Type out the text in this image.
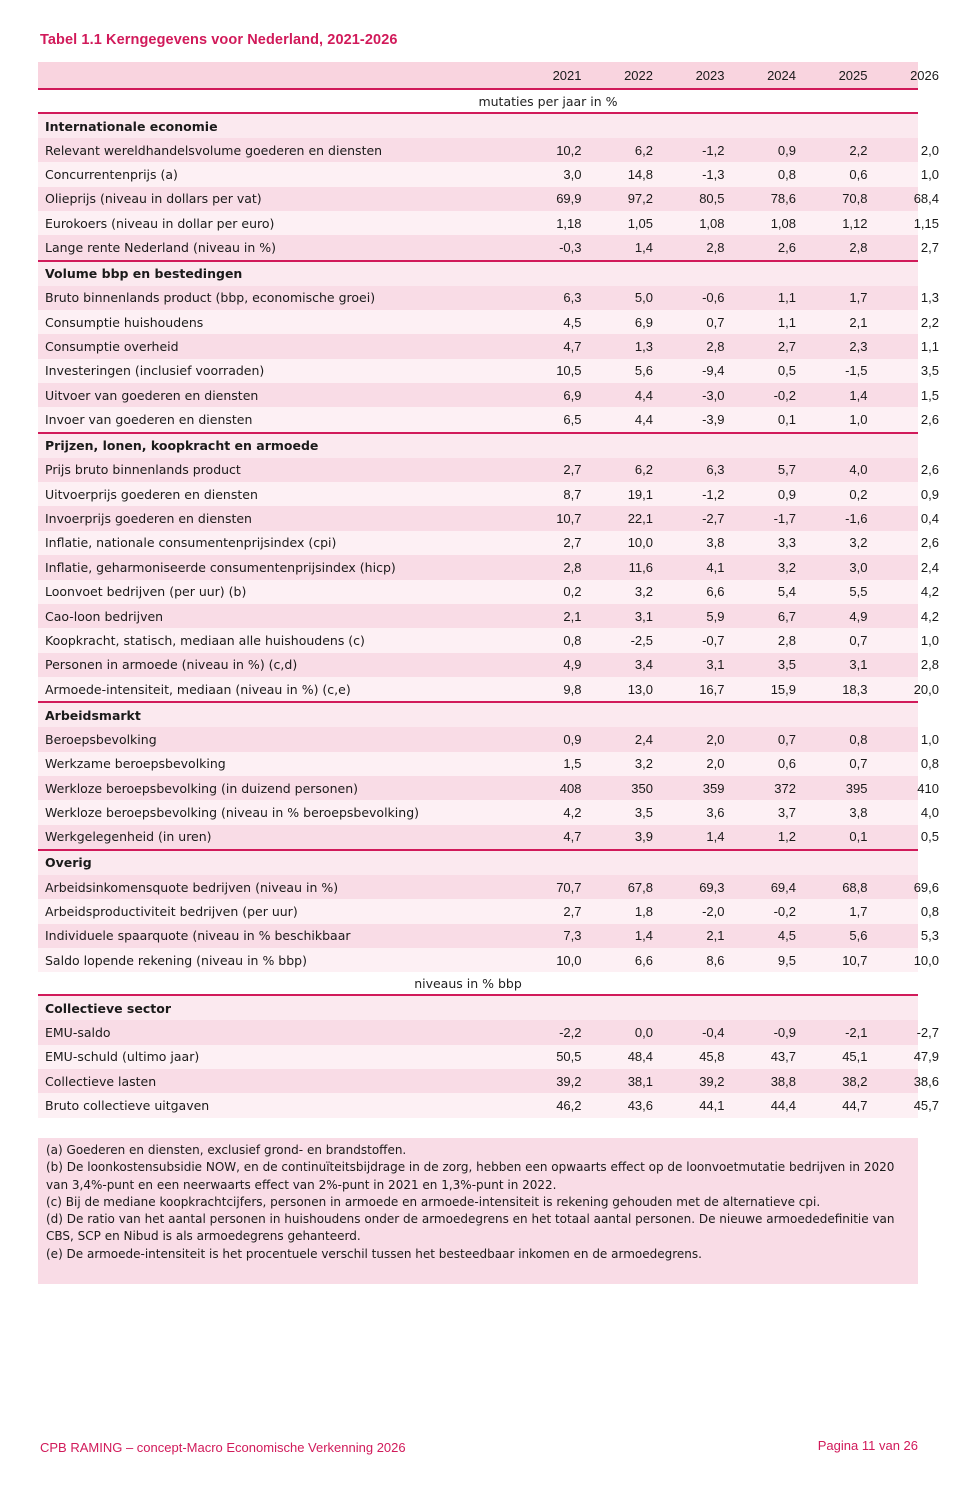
Tabel 1.1 Kerngegevens voor Nederland, 2021-2026
2021	2022	2023	2024	2025	2026
mutaties per jaar in %
Internationale economie
Relevant wereldhandelsvolume goederen en diensten	10,2	6,2	-1,2	0,9	2,2	2,0
Concurrentenprijs (a)	3,0	14,8	-1,3	0,8	0,6	1,0
Olieprijs (niveau in dollars per vat)	69,9	97,2	80,5	78,6	70,8	68,4
Eurokoers (niveau in dollar per euro)	1,18	1,05	1,08	1,08	1,12	1,15
Lange rente Nederland (niveau in %)	-0,3	1,4	2,8	2,6	2,8	2,7
Volume bbp en bestedingen
Bruto binnenlands product (bbp, economische groei)	6,3	5,0	-0,6	1,1	1,7	1,3
Consumptie huishoudens	4,5	6,9	0,7	1,1	2,1	2,2
Consumptie overheid	4,7	1,3	2,8	2,7	2,3	1,1
Investeringen (inclusief voorraden)	10,5	5,6	-9,4	0,5	-1,5	3,5
Uitvoer van goederen en diensten	6,9	4,4	-3,0	-0,2	1,4	1,5
Invoer van goederen en diensten	6,5	4,4	-3,9	0,1	1,0	2,6
Prijzen, lonen, koopkracht en armoede
Prijs bruto binnenlands product	2,7	6,2	6,3	5,7	4,0	2,6
Uitvoerprijs goederen en diensten	8,7	19,1	-1,2	0,9	0,2	0,9
Invoerprijs goederen en diensten	10,7	22,1	-2,7	-1,7	-1,6	0,4
Inflatie, nationale consumentenprijsindex (cpi)	2,7	10,0	3,8	3,3	3,2	2,6
Inflatie, geharmoniseerde consumentenprijsindex (hicp)	2,8	11,6	4,1	3,2	3,0	2,4
Loonvoet bedrijven (per uur) (b)	0,2	3,2	6,6	5,4	5,5	4,2
Cao-loon bedrijven	2,1	3,1	5,9	6,7	4,9	4,2
Koopkracht, statisch, mediaan alle huishoudens (c)	0,8	-2,5	-0,7	2,8	0,7	1,0
Personen in armoede (niveau in %) (c,d)	4,9	3,4	3,1	3,5	3,1	2,8
Armoede-intensiteit, mediaan (niveau in %) (c,e)	9,8	13,0	16,7	15,9	18,3	20,0
Arbeidsmarkt
Beroepsbevolking	0,9	2,4	2,0	0,7	0,8	1,0
Werkzame beroepsbevolking	1,5	3,2	2,0	0,6	0,7	0,8
Werkloze beroepsbevolking (in duizend personen)	408	350	359	372	395	410
Werkloze beroepsbevolking (niveau in % beroepsbevolking)	4,2	3,5	3,6	3,7	3,8	4,0
Werkgelegenheid (in uren)	4,7	3,9	1,4	1,2	0,1	0,5
Overig
Arbeidsinkomensquote bedrijven (niveau in %)	70,7	67,8	69,3	69,4	68,8	69,6
Arbeidsproductiviteit bedrijven (per uur)	2,7	1,8	-2,0	-0,2	1,7	0,8
Individuele spaarquote (niveau in % beschikbaar	7,3	1,4	2,1	4,5	5,6	5,3
Saldo lopende rekening (niveau in % bbp)	10,0	6,6	8,6	9,5	10,7	10,0
niveaus in % bbp
Collectieve sector
EMU-saldo	-2,2	0,0	-0,4	-0,9	-2,1	-2,7
EMU-schuld (ultimo jaar)	50,5	48,4	45,8	43,7	45,1	47,9
Collectieve lasten	39,2	38,1	39,2	38,8	38,2	38,6
Bruto collectieve uitgaven	46,2	43,6	44,1	44,4	44,7	45,7

(a) Goederen en diensten, exclusief grond- en brandstoffen.

(b) De loonkostensubsidie NOW, en de continuïteitsbijdrage in de zorg, hebben een opwaarts effect op de loonvoetmutatie bedrijven in 2020 van 3,4%-punt en een neerwaarts effect van 2%-punt in 2021 en 1,3%-punt in 2022.

(c) Bij de mediane koopkrachtcijfers, personen in armoede en armoede-intensiteit is rekening gehouden met de alternatieve cpi.

(d) De ratio van het aantal personen in huishoudens onder de armoedegrens en het totaal aantal personen. De nieuwe armoededefinitie van CBS, SCP en Nibud is als armoedegrens gehanteerd.

(e) De armoede-intensiteit is het procentuele verschil tussen het besteedbaar inkomen en de armoedegrens.

CPB RAMING – concept-Macro Economische Verkenning 2026	Pagina 11 van 26
